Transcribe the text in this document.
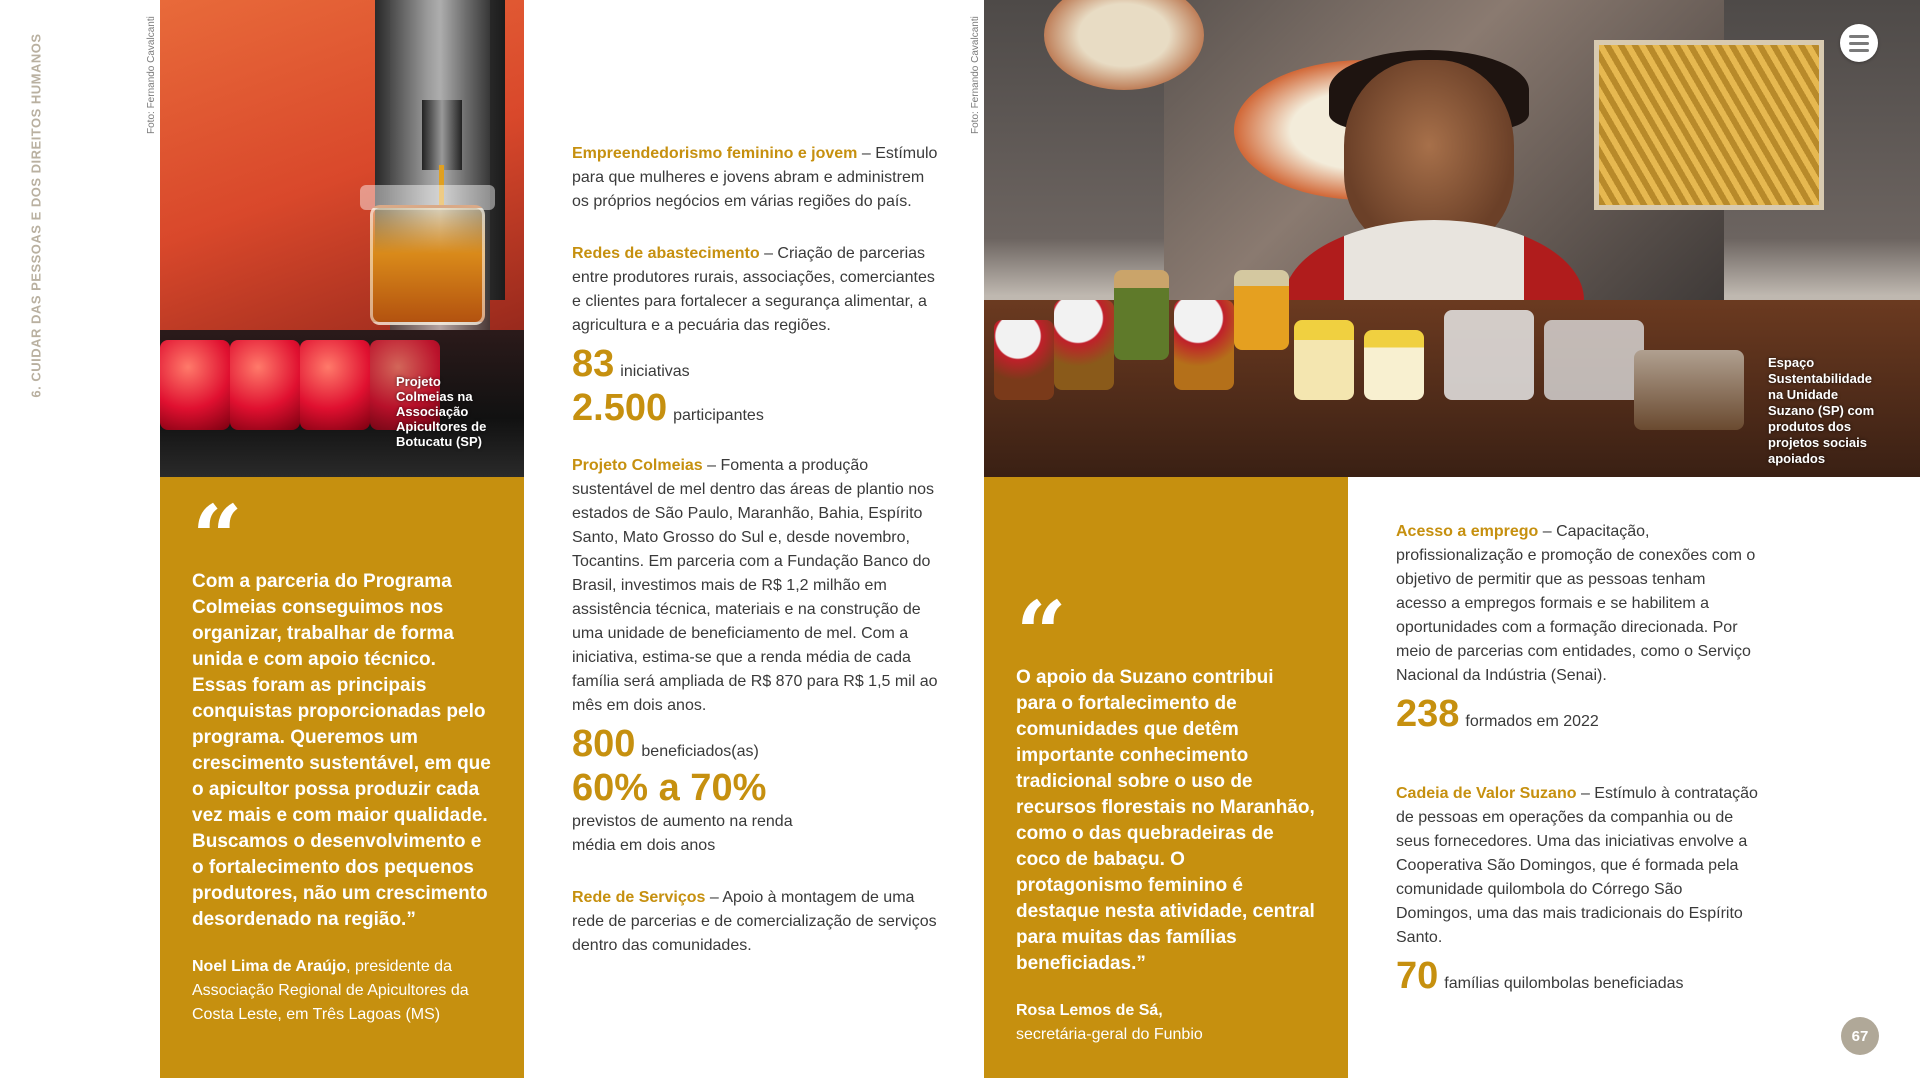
6. CUIDAR DAS PESSOAS E DOS DIREITOS HUMANOS	Foto: Fernando Cavalcanti
Projeto
Colmeias na
Associação
Apicultores de
Botucatu (SP)
“
Com a parceria do Programa Colmeias conseguimos nos organizar, trabalhar de forma unida e com apoio técnico. Essas foram as principais conquistas proporcionadas pelo programa. Queremos um crescimento sustentável, em que o apicultor possa produzir cada vez mais e com maior qualidade. Buscamos o desenvolvimento e o fortalecimento dos pequenos produtores, não um crescimento desordenado na região.”
Noel Lima de Araújo, presidente da Associação Regional de Apicultores da Costa Leste, em Três Lagoas (MS)
Empreendedorismo feminino e jovem – Estímulo para que mulheres e jovens abram e administrem os próprios negócios em várias regiões do país.
Redes de abastecimento – Criação de parcerias entre produtores rurais, associações, comerciantes e clientes para fortalecer a segurança alimentar, a agricultura e a pecuária das regiões.
83 iniciativas
2.500 participantes
Projeto Colmeias – Fomenta a produção sustentável de mel dentro das áreas de plantio nos estados de São Paulo, Maranhão, Bahia, Espírito Santo, Mato Grosso do Sul e, desde novembro, Tocantins. Em parceria com a Fundação Banco do Brasil, investimos mais de R$ 1,2 milhão em assistência técnica, materiais e na construção de uma unidade de beneficiamento de mel. Com a iniciativa, estima-se que a renda média de cada família será ampliada de R$ 870 para R$ 1,5 mil ao mês em dois anos.
800 beneficiados(as)
60% a 70%
previstos de aumento na renda média em dois anos
Rede de Serviços – Apoio à montagem de uma rede de parcerias e de comercialização de serviços dentro das comunidades.
Foto: Fernando Cavalcanti
Espaço
Sustentabilidade
na Unidade
Suzano (SP) com
produtos dos
projetos sociais
apoiados
“
O apoio da Suzano contribui para o fortalecimento de comunidades que detêm importante conhecimento tradicional sobre o uso de recursos florestais no Maranhão, como o das quebradeiras de coco de babaçu. O protagonismo feminino é destaque nesta atividade, central para muitas das famílias beneficiadas.”
Rosa Lemos de Sá,
secretária-geral do Funbio
Acesso a emprego – Capacitação, profissionalização e promoção de conexões com o objetivo de permitir que as pessoas tenham acesso a empregos formais e se habilitem a oportunidades com a formação direcionada. Por meio de parcerias com entidades, como o Serviço Nacional da Indústria (Senai).
238 formados em 2022
Cadeia de Valor Suzano – Estímulo à contratação de pessoas em operações da companhia ou de seus fornecedores. Uma das iniciativas envolve a Cooperativa São Domingos, que é formada pela comunidade quilombola do Córrego São Domingos, uma das mais tradicionais do Espírito Santo.
70 famílias quilombolas beneficiadas
67
